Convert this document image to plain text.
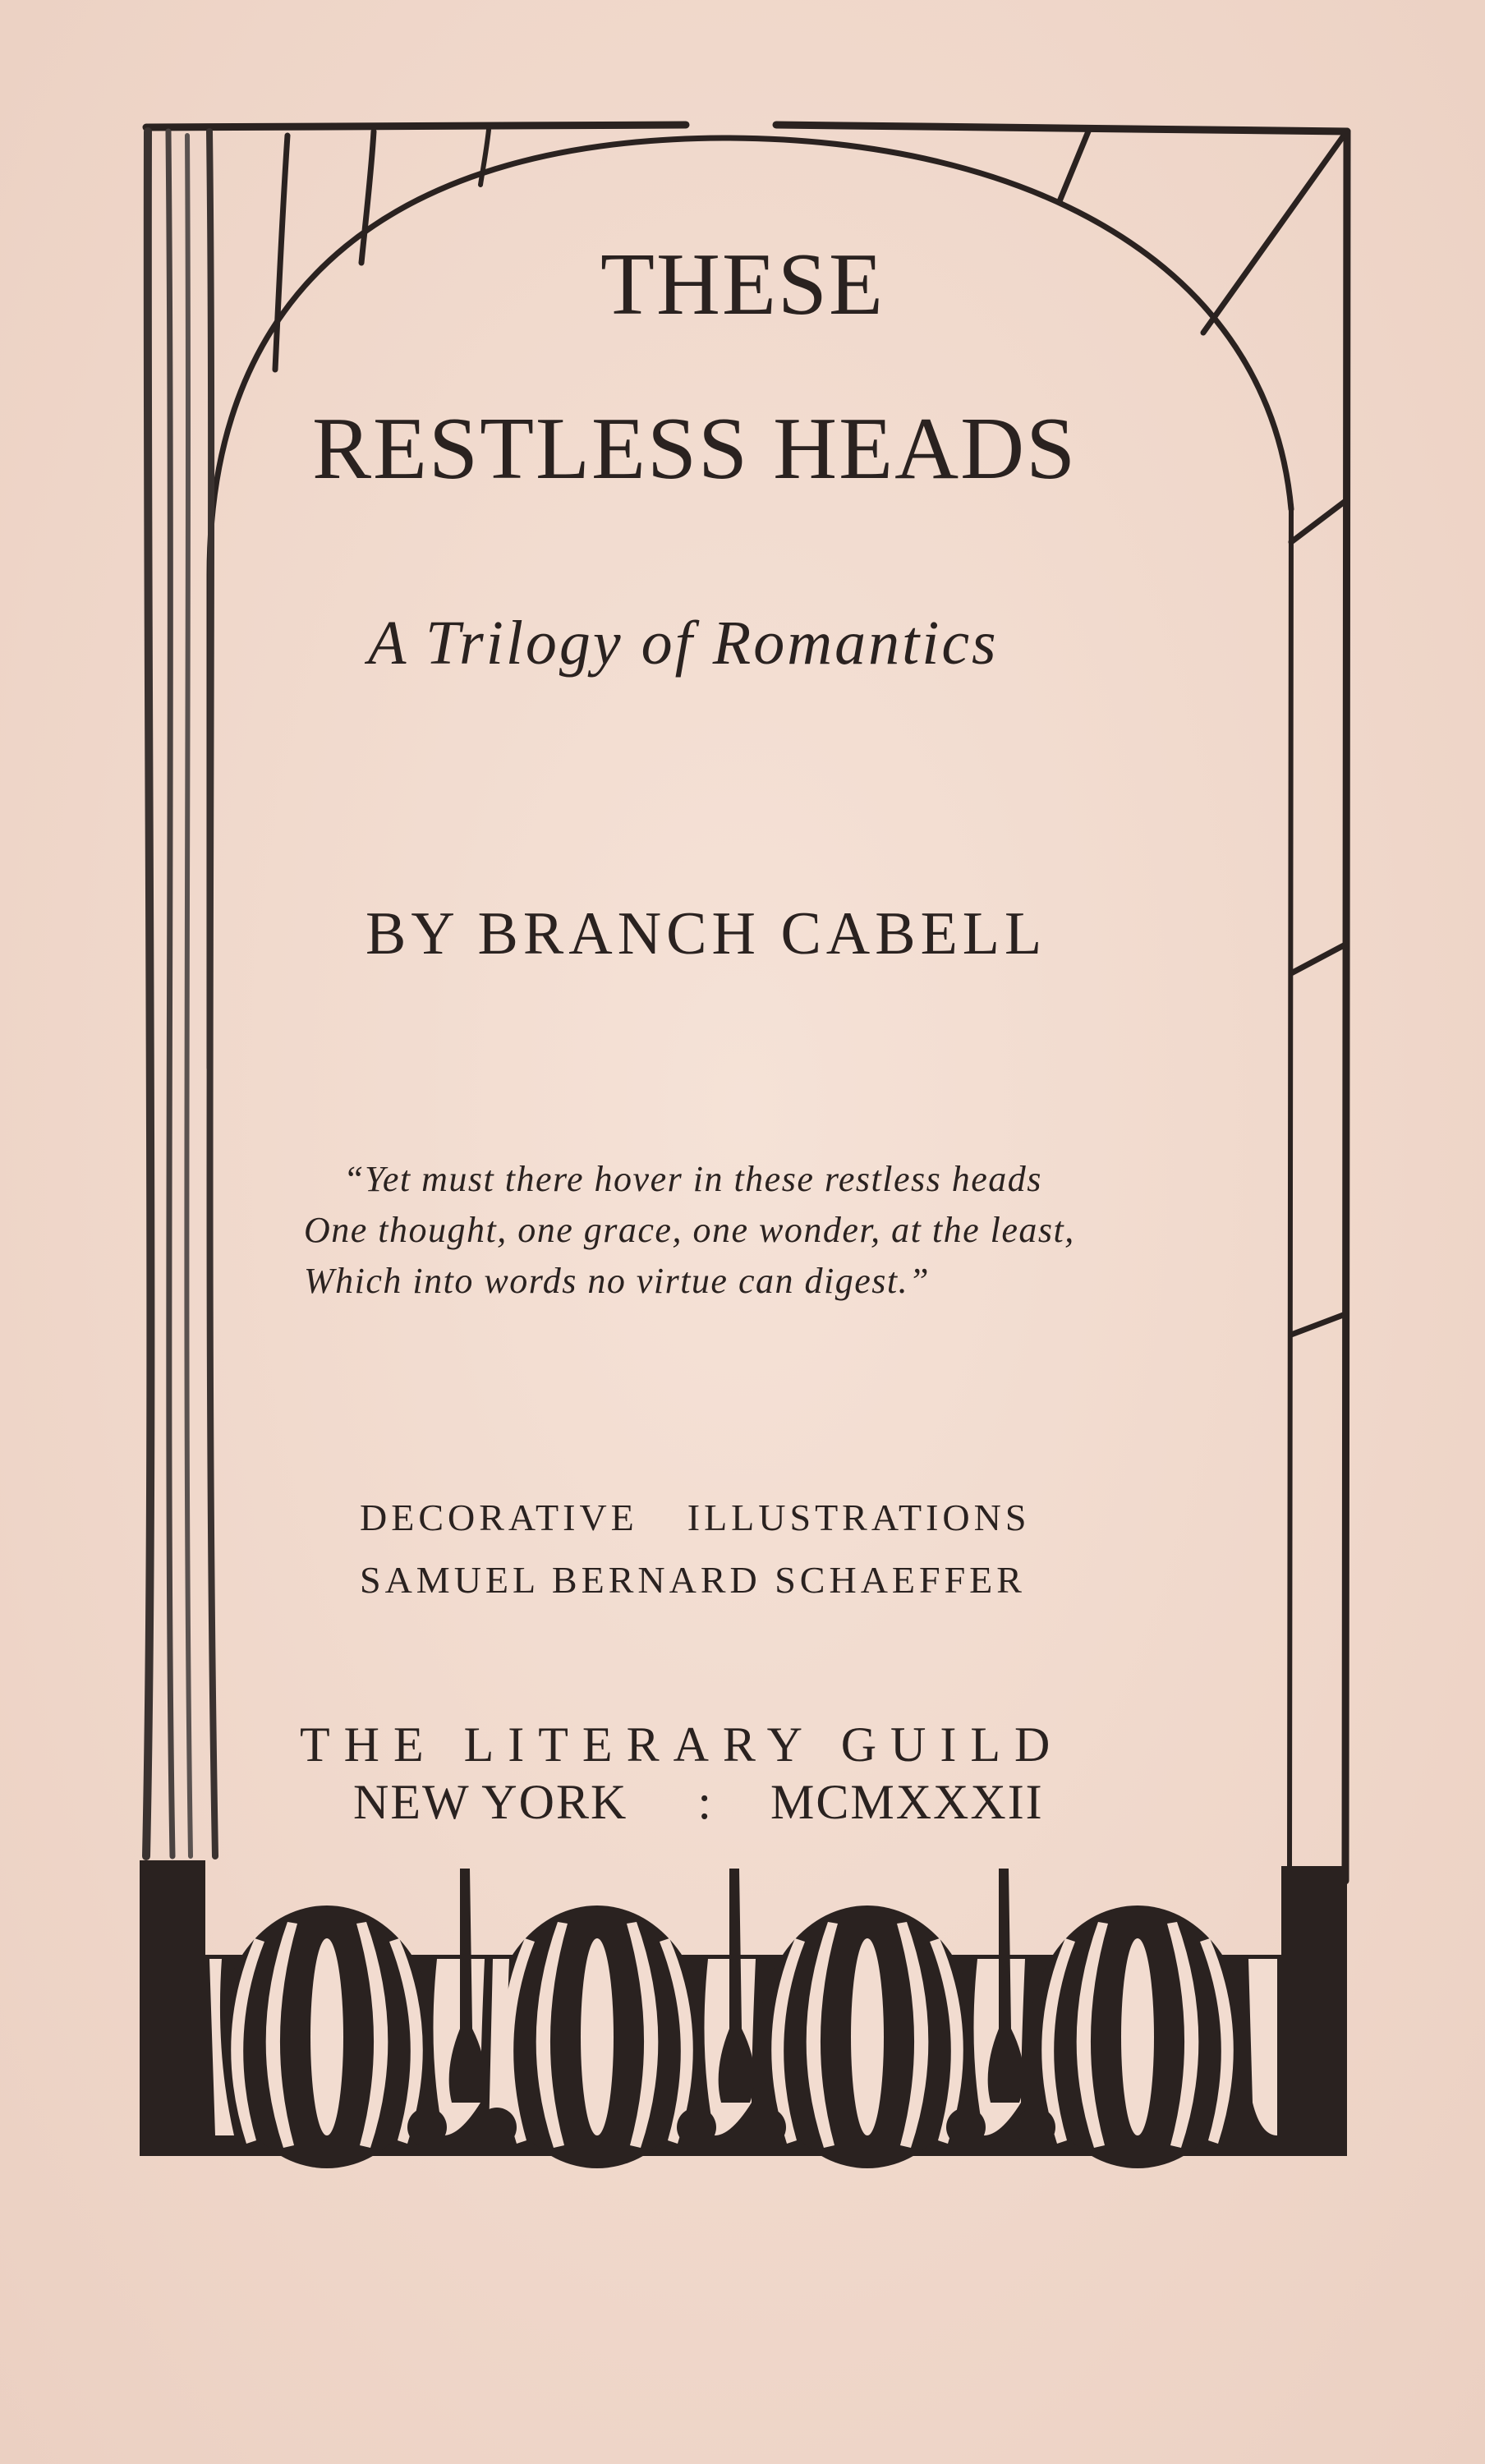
THESE
RESTLESS HEADS
A Trilogy of Romantics
BY BRANCH CABELL
“Yet must there hover in these restless heads
One thought, one grace, one wonder, at the least,
Which into words no virtue can digest.”
DECORATIVE ILLUSTRATIONS
SAMUEL BERNARD SCHAEFFER
THE LITERARY GUILD
NEW YORK : MCMXXXII
